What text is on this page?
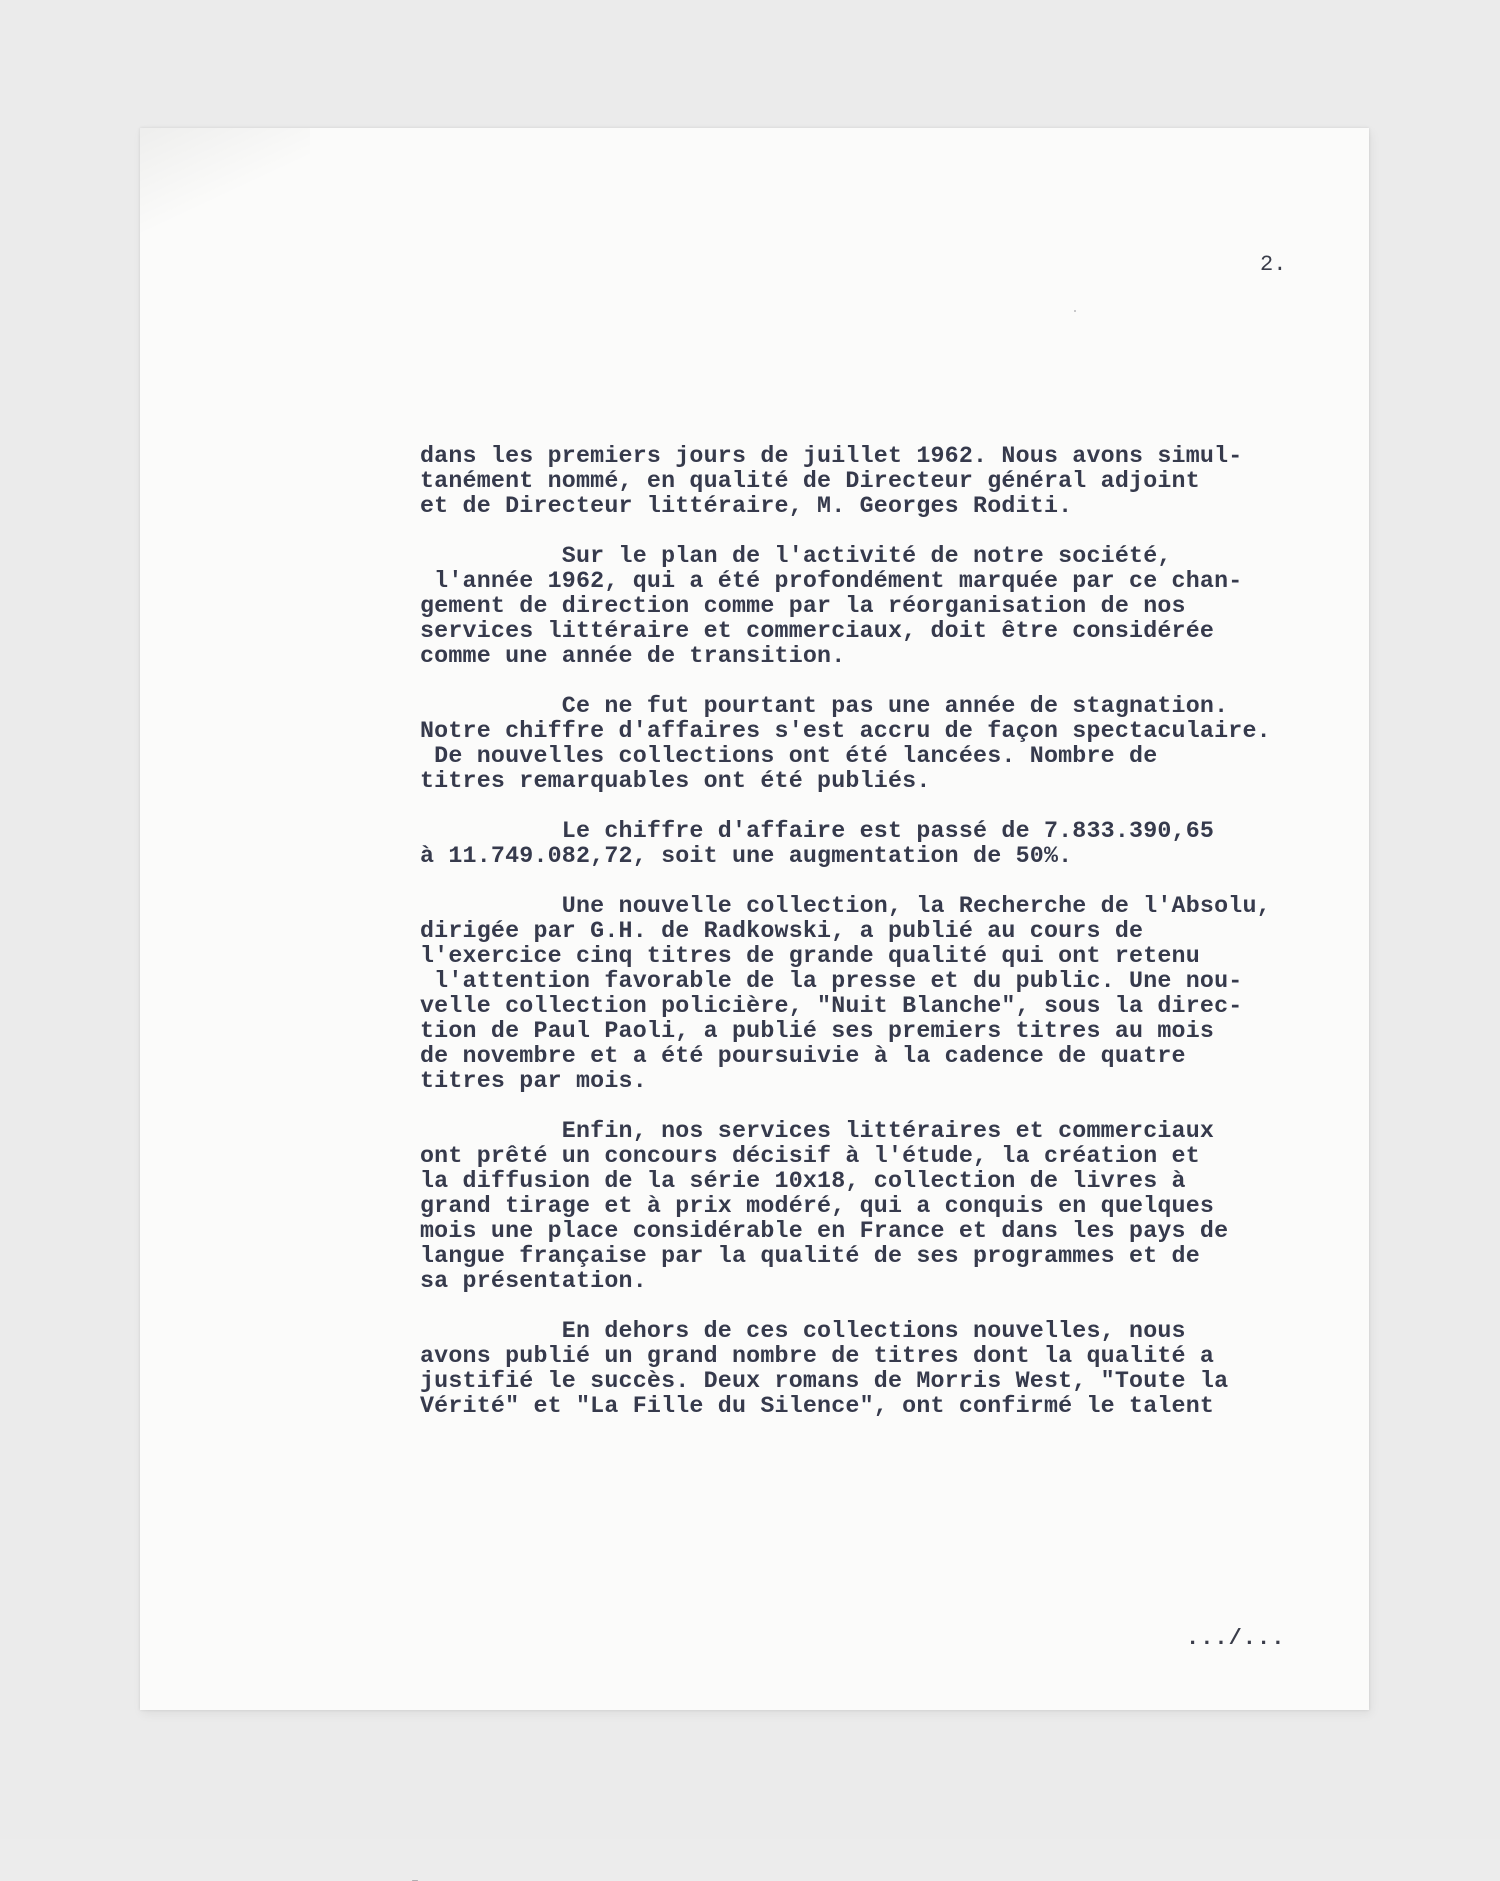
2.
dans les premiers jours de juillet 1962. Nous avons simul-
tanément nommé, en qualité de Directeur général adjoint
et de Directeur littéraire, M. Georges Roditi.
Sur le plan de l'activité de notre société,
l'année 1962, qui a été profondément marquée par ce chan-
gement de direction comme par la réorganisation de nos
services littéraire et commerciaux, doit être considérée
comme une année de transition.
Ce ne fut pourtant pas une année de stagnation.
Notre chiffre d'affaires s'est accru de façon spectaculaire.
De nouvelles collections ont été lancées. Nombre de
titres remarquables ont été publiés.
Le chiffre d'affaire est passé de 7.833.390,65
à 11.749.082,72, soit une augmentation de 50%.
Une nouvelle collection, la Recherche de l'Absolu,
dirigée par G.H. de Radkowski, a publié au cours de
l'exercice cinq titres de grande qualité qui ont retenu
l'attention favorable de la presse et du public. Une nou-
velle collection policière, "Nuit Blanche", sous la direc-
tion de Paul Paoli, a publié ses premiers titres au mois
de novembre et a été poursuivie à la cadence de quatre
titres par mois.
Enfin, nos services littéraires et commerciaux
ont prêté un concours décisif à l'étude, la création et
la diffusion de la série 10x18, collection de livres à
grand tirage et à prix modéré, qui a conquis en quelques
mois une place considérable en France et dans les pays de
langue française par la qualité de ses programmes et de
sa présentation.
En dehors de ces collections nouvelles, nous
avons publié un grand nombre de titres dont la qualité a
justifié le succès. Deux romans de Morris West, "Toute la
Vérité" et "La Fille du Silence", ont confirmé le talent
.../...
